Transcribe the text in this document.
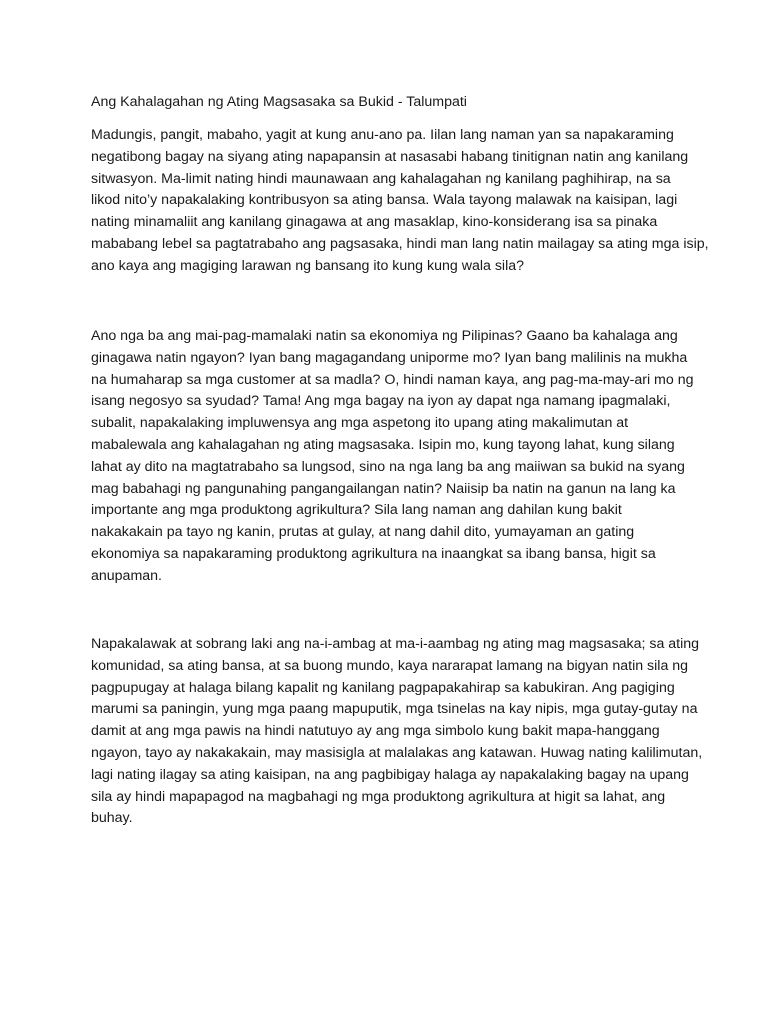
Ang Kahalagahan ng Ating Magsasaka sa Bukid - Talumpati
Madungis, pangit, mabaho, yagit at kung anu-ano pa. Iilan lang naman yan sa napakaraming
negatibong bagay na siyang ating napapansin at nasasabi habang tinitignan natin ang kanilang
sitwasyon. Ma-limit nating hindi maunawaan ang kahalagahan ng kanilang paghihirap, na sa
likod nito’y napakalaking kontribusyon sa ating bansa. Wala tayong malawak na kaisipan, lagi
nating minamaliit ang kanilang ginagawa at ang masaklap, kino-konsiderang isa sa pinaka
mababang lebel sa pagtatrabaho ang pagsasaka, hindi man lang natin mailagay sa ating mga isip,
ano kaya ang magiging larawan ng bansang ito kung kung wala sila?
Ano nga ba ang mai-pag-mamalaki natin sa ekonomiya ng Pilipinas? Gaano ba kahalaga ang
ginagawa natin ngayon? Iyan bang magagandang uniporme mo? Iyan bang malilinis na mukha
na humaharap sa mga customer at sa madla? O, hindi naman kaya, ang pag-ma-may-ari mo ng
isang negosyo sa syudad? Tama! Ang mga bagay na iyon ay dapat nga namang ipagmalaki,
subalit, napakalaking impluwensya ang mga aspetong ito upang ating makalimutan at
mabalewala ang kahalagahan ng ating magsasaka. Isipin mo, kung tayong lahat, kung silang
lahat ay dito na magtatrabaho sa lungsod, sino na nga lang ba ang maiiwan sa bukid na syang
mag babahagi ng pangunahing pangangailangan natin? Naiisip ba natin na ganun na lang ka
importante ang mga produktong agrikultura? Sila lang naman ang dahilan kung bakit
nakakakain pa tayo ng kanin, prutas at gulay, at nang dahil dito, yumayaman an gating
ekonomiya sa napakaraming produktong agrikultura na inaangkat sa ibang bansa, higit sa
anupaman.
Napakalawak at sobrang laki ang na-i-ambag at ma-i-aambag ng ating mag magsasaka; sa ating
komunidad, sa ating bansa, at sa buong mundo, kaya nararapat lamang na bigyan natin sila ng
pagpupugay at halaga bilang kapalit ng kanilang pagpapakahirap sa kabukiran. Ang pagiging
marumi sa paningin, yung mga paang mapuputik, mga tsinelas na kay nipis, mga gutay-gutay na
damit at ang mga pawis na hindi natutuyo ay ang mga simbolo kung bakit mapa-hanggang
ngayon, tayo ay nakakakain, may masisigla at malalakas ang katawan. Huwag nating kalilimutan,
lagi nating ilagay sa ating kaisipan, na ang pagbibigay halaga ay napakalaking bagay na upang
sila ay hindi mapapagod na magbahagi ng mga produktong agrikultura at higit sa lahat, ang
buhay.
